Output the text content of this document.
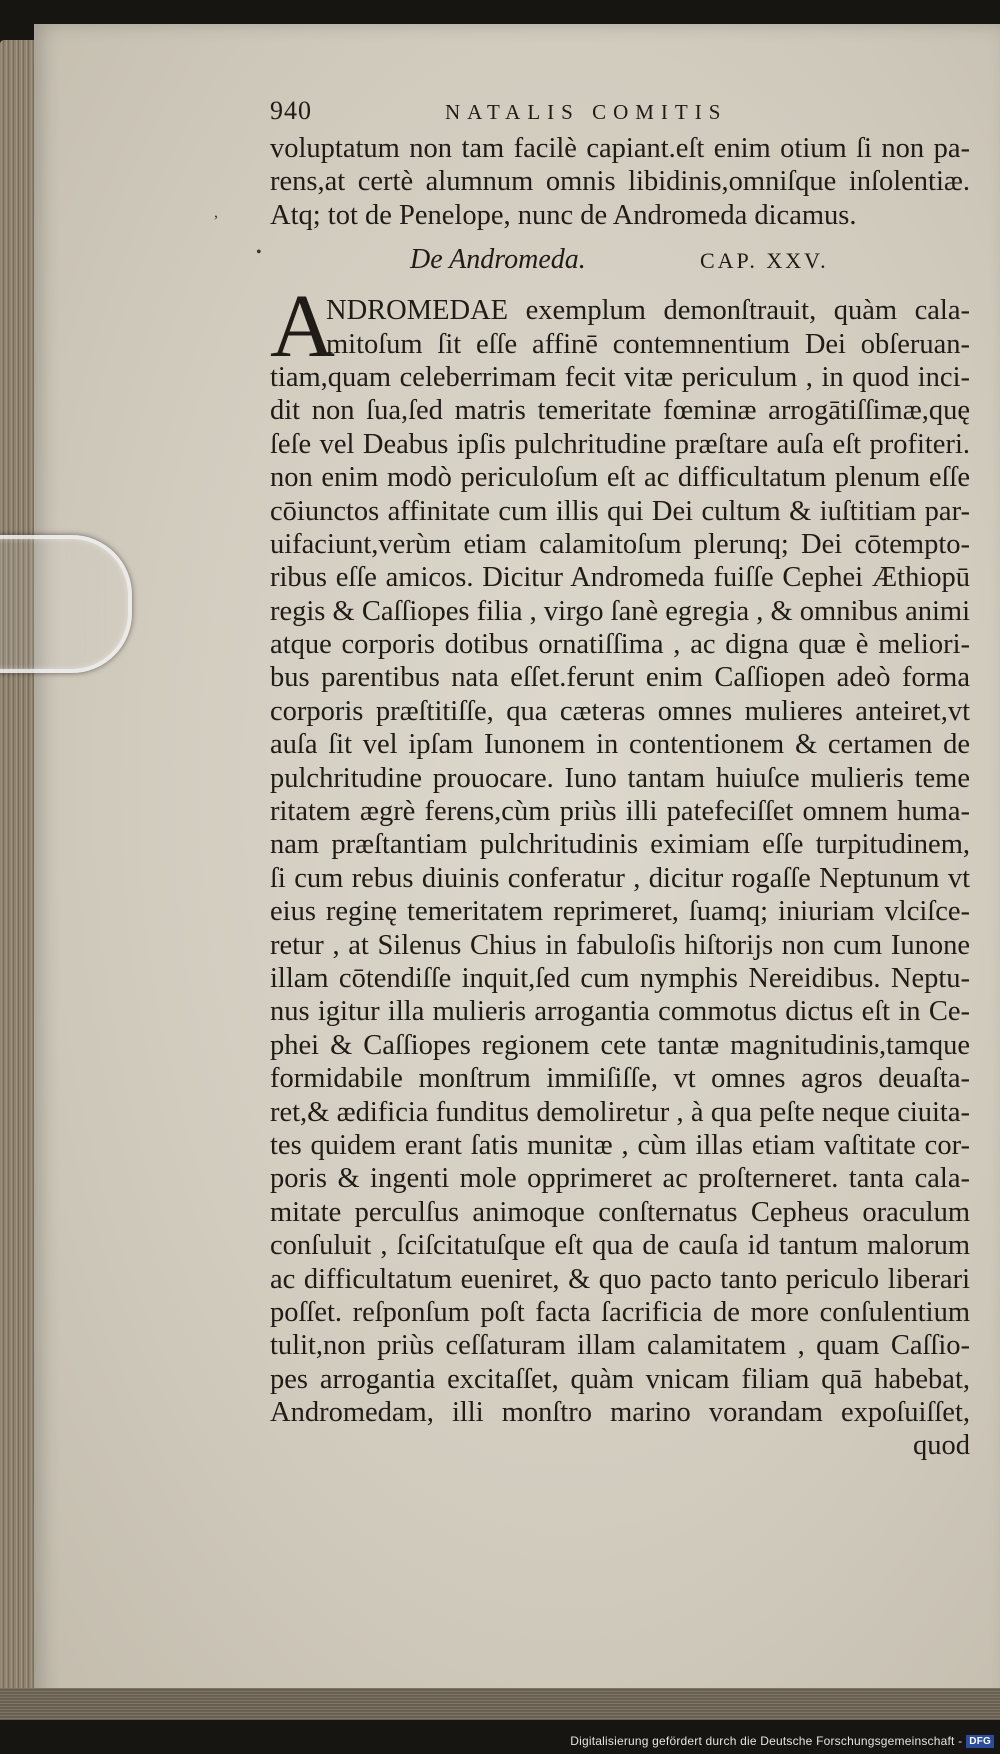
•
,
940	NATALIS COMITIS
voluptatum non tam facilè capiant.eſt enim otium ſi non pa-
rens,at certè alumnum omnis libidinis,omniſque inſolentiæ.
Atq; tot de Penelope, nunc de Andromeda dicamus.
De Andromeda.	CAP. XXV.
A
NDROMEDAE exemplum demonſtrauit, quàm cala-
mitoſum ſit eſſe affinē contemnentium Dei obſeruan-
tiam,quam celeberrimam fecit vitæ periculum , in quod inci-
dit non ſua,ſed matris temeritate fœminæ arrogātiſſimæ,quę
ſeſe vel Deabus ipſis pulchritudine præſtare auſa eſt profiteri.
non enim modò periculoſum eſt ac difficultatum plenum eſſe
cōiunctos affinitate cum illis qui Dei cultum & iuſtitiam par-
uifaciunt,verùm etiam calamitoſum plerunq; Dei cōtempto-
ribus eſſe amicos. Dicitur Andromeda fuiſſe Cephei Æthiopū
regis & Caſſiopes filia , virgo ſanè egregia , & omnibus animi
atque corporis dotibus ornatiſſima , ac digna quæ è meliori-
bus parentibus nata eſſet.ferunt enim Caſſiopen adeò forma
corporis præſtitiſſe, qua cæteras omnes mulieres anteiret,vt
auſa ſit vel ipſam Iunonem in contentionem & certamen de
pulchritudine prouocare. Iuno tantam huiuſce mulieris teme
ritatem ægrè ferens,cùm priùs illi patefeciſſet omnem huma-
nam præſtantiam pulchritudinis eximiam eſſe turpitudinem,
ſi cum rebus diuinis conferatur , dicitur rogaſſe Neptunum vt
eius reginę temeritatem reprimeret, ſuamq; iniuriam vlciſce-
retur , at Silenus Chius in fabuloſis hiſtorijs non cum Iunone
illam cōtendiſſe inquit,ſed cum nymphis Nereidibus. Neptu-
nus igitur illa mulieris arrogantia commotus dictus eſt in Ce-
phei & Caſſiopes regionem cete tantæ magnitudinis,tamque
formidabile monſtrum immiſiſſe, vt omnes agros deuaſta-
ret,& ædificia funditus demoliretur , à qua peſte neque ciuita-
tes quidem erant ſatis munitæ , cùm illas etiam vaſtitate cor-
poris & ingenti mole opprimeret ac proſterneret. tanta cala-
mitate perculſus animoque conſternatus Cepheus oraculum
conſuluit , ſciſcitatuſque eſt qua de cauſa id tantum malorum
ac difficultatum eueniret, & quo pacto tanto periculo liberari
poſſet. reſponſum poſt facta ſacrificia de more conſulentium
tulit,non priùs ceſſaturam illam calamitatem , quam Caſſio-
pes arrogantia excitaſſet, quàm vnicam filiam quā habebat,
Andromedam, illi monſtro marino vorandam expoſuiſſet,
quod
Digitalisierung gefördert durch die Deutsche Forschungsgemeinschaft - DFG
